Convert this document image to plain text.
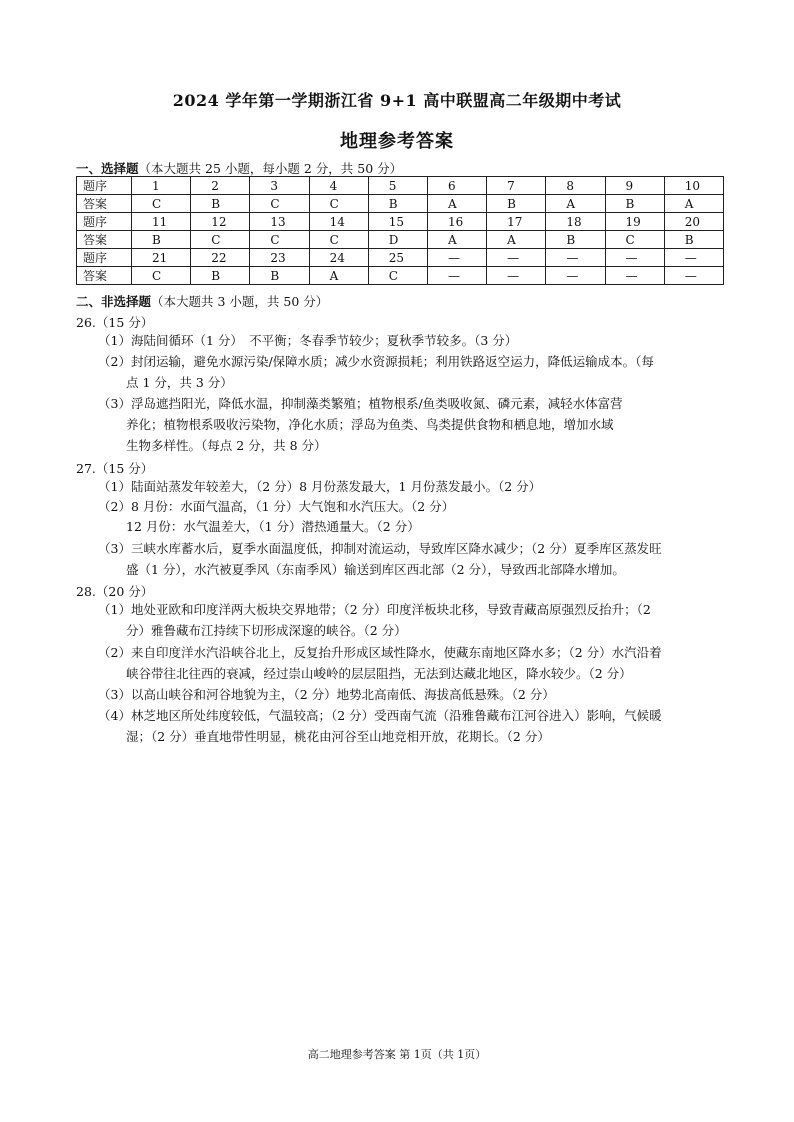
2024 学年第一学期浙江省 9+1 高中联盟高二年级期中考试
地理参考答案
一、选择题（本大题共 25 小题，每小题 2 分，共 50 分）
题序	1	2	3	4	5	6	7	8	9	10
答案	C	B	C	C	B	A	B	A	B	A
题序	11	12	13	14	15	16	17	18	19	20
答案	B	C	C	C	D	A	A	B	C	B
题序	21	22	23	24	25	—	—	—	—	—
答案	C	B	B	A	C	—	—	—	—	—
二、非选择题（本大题共 3 小题，共 50 分）
26.（15 分）
（1）海陆间循环（1 分）　不平衡；冬春季节较少；夏秋季节较多。（3 分）
（2）封闭运输，避免水源污染/保障水质；减少水资源损耗；利用铁路返空运力，降低运输成本。（每
点 1 分，共 3 分）
（3）浮岛遮挡阳光，降低水温，抑制藻类繁殖；植物根系/鱼类吸收氮、磷元素，减轻水体富营
养化；植物根系吸收污染物，净化水质；浮岛为鱼类、鸟类提供食物和栖息地，增加水域
生物多样性。（每点 2 分，共 8 分）
27.（15 分）
（1）陆面站蒸发年较差大，（2 分）8 月份蒸发最大，1 月份蒸发最小。（2 分）
（2）8 月份：水面气温高，（1 分）大气饱和水汽压大。（2 分）
12 月份：水气温差大，（1 分）潜热通量大。（2 分）
（3）三峡水库蓄水后，夏季水面温度低，抑制对流运动，导致库区降水减少；（2 分）夏季库区蒸发旺
盛（1 分），水汽被夏季风（东南季风）输送到库区西北部（2 分），导致西北部降水增加。
28.（20 分）
（1）地处亚欧和印度洋两大板块交界地带；（2 分）印度洋板块北移，导致青藏高原强烈反抬升；（2
分）雅鲁藏布江持续下切形成深邃的峡谷。（2 分）
（2）来自印度洋水汽沿峡谷北上，反复抬升形成区域性降水，使藏东南地区降水多；（2 分）水汽沿着
峡谷带往北往西的衰减，经过崇山峻岭的层层阻挡，无法到达藏北地区，降水较少。（2 分）
（3）以高山峡谷和河谷地貌为主，（2 分）地势北高南低、海拔高低悬殊。（2 分）
（4）林芝地区所处纬度较低，气温较高；（2 分）受西南气流（沿雅鲁藏布江河谷进入）影响，气候暖
湿；（2 分）垂直地带性明显，桃花由河谷至山地竞相开放，花期长。（2 分）
高二地理参考答案 第 1页（共 1页）
